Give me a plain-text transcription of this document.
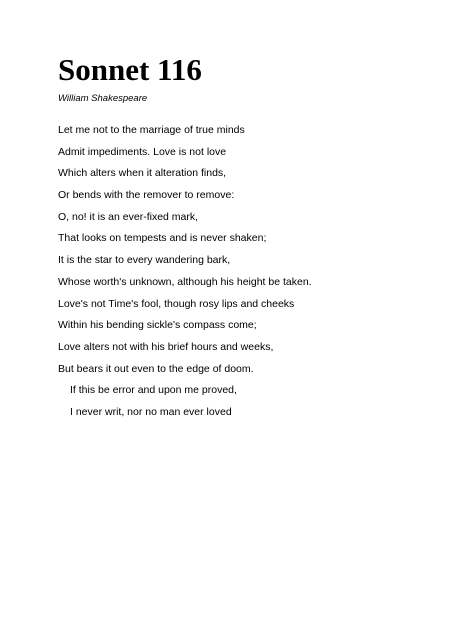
Sonnet 116

William Shakespeare

Let me not to the marriage of true minds
Admit impediments. Love is not love
Which alters when it alteration finds,
Or bends with the remover to remove:
O, no! it is an ever-fixed mark,
That looks on tempests and is never shaken;
It is the star to every wandering bark,
Whose worth's unknown, although his height be taken.
Love's not Time's fool, though rosy lips and cheeks
Within his bending sickle's compass come;
Love alters not with his brief hours and weeks,
But bears it out even to the edge of doom.
If this be error and upon me proved,
I never writ, nor no man ever loved
